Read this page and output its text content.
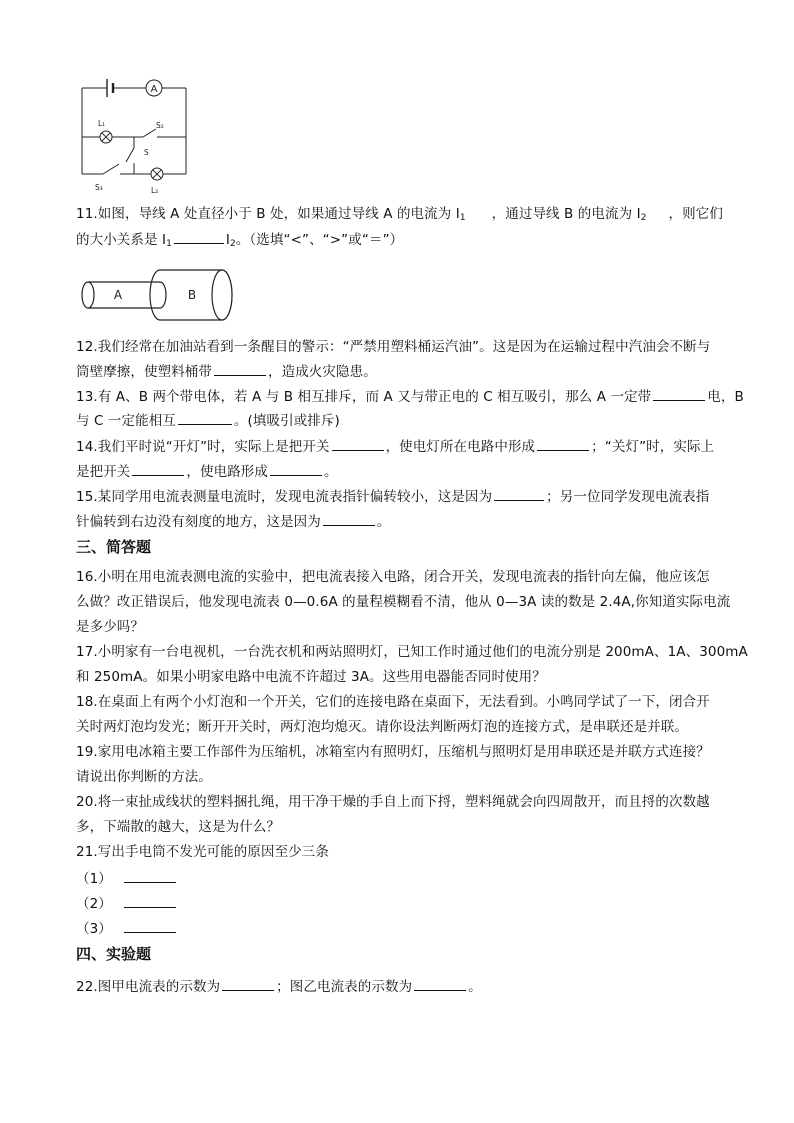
A
L₁	S₂
S
S₃	L₂
11.如图，导线 A 处直径小于 B 处，如果通过导线 A 的电流为 $I_1$ ，通过导线 B 的电流为 $I_2$ ，则它们
的大小关系是 $I_1$	$I_2$。（选填“<”、“>”或“＝”）
A	B
12.我们经常在加油站看到一条醒目的警示：“严禁用塑料桶运汽油”。这是因为在运输过程中汽油会不断与
筒壁摩擦，使塑料桶带	，造成火灾隐患。
13.有 A、B 两个带电体，若 A 与 B 相互排斥，而 A 又与带正电的 C 相互吸引，那么 A 一定带	电，B
与 C 一定能相互	。(填吸引或排斥)
14.我们平时说“开灯”时，实际上是把开关	，使电灯所在电路中形成	；“关灯”时，实际上
是把开关	，使电路形成	。
15.某同学用电流表测量电流时，发现电流表指针偏转较小，这是因为	；另一位同学发现电流表指
针偏转到右边没有刻度的地方，这是因为	。
三、简答题
16.小明在用电流表测电流的实验中，把电流表接入电路，闭合开关，发现电流表的指针向左偏，他应该怎
么做？改正错误后，他发现电流表 0—0.6A 的量程模糊看不清，他从 0—3A 读的数是 2.4A,你知道实际电流
是多少吗？
17.小明家有一台电视机，一台洗衣机和两站照明灯，已知工作时通过他们的电流分别是 200mA、1A、300mA
和 250mA。如果小明家电路中电流不许超过 3A。这些用电器能否同时使用？
18.在桌面上有两个小灯泡和一个开关，它们的连接电路在桌面下，无法看到。小鸣同学试了一下，闭合开
关时两灯泡均发光；断开开关时，两灯泡均熄灭。请你设法判断两灯泡的连接方式，是串联还是并联。
19.家用电冰箱主要工作部件为压缩机，冰箱室内有照明灯，压缩机与照明灯是用串联还是并联方式连接？
请说出你判断的方法。
20.将一束扯成线状的塑料捆扎绳，用干净干燥的手自上而下捋，塑料绳就会向四周散开，而且捋的次数越
多，下端散的越大，这是为什么？
21.写出手电筒不发光可能的原因至少三条
（1）
（2）
（3）
四、实验题
22.图甲电流表的示数为	；图乙电流表的示数为	。
